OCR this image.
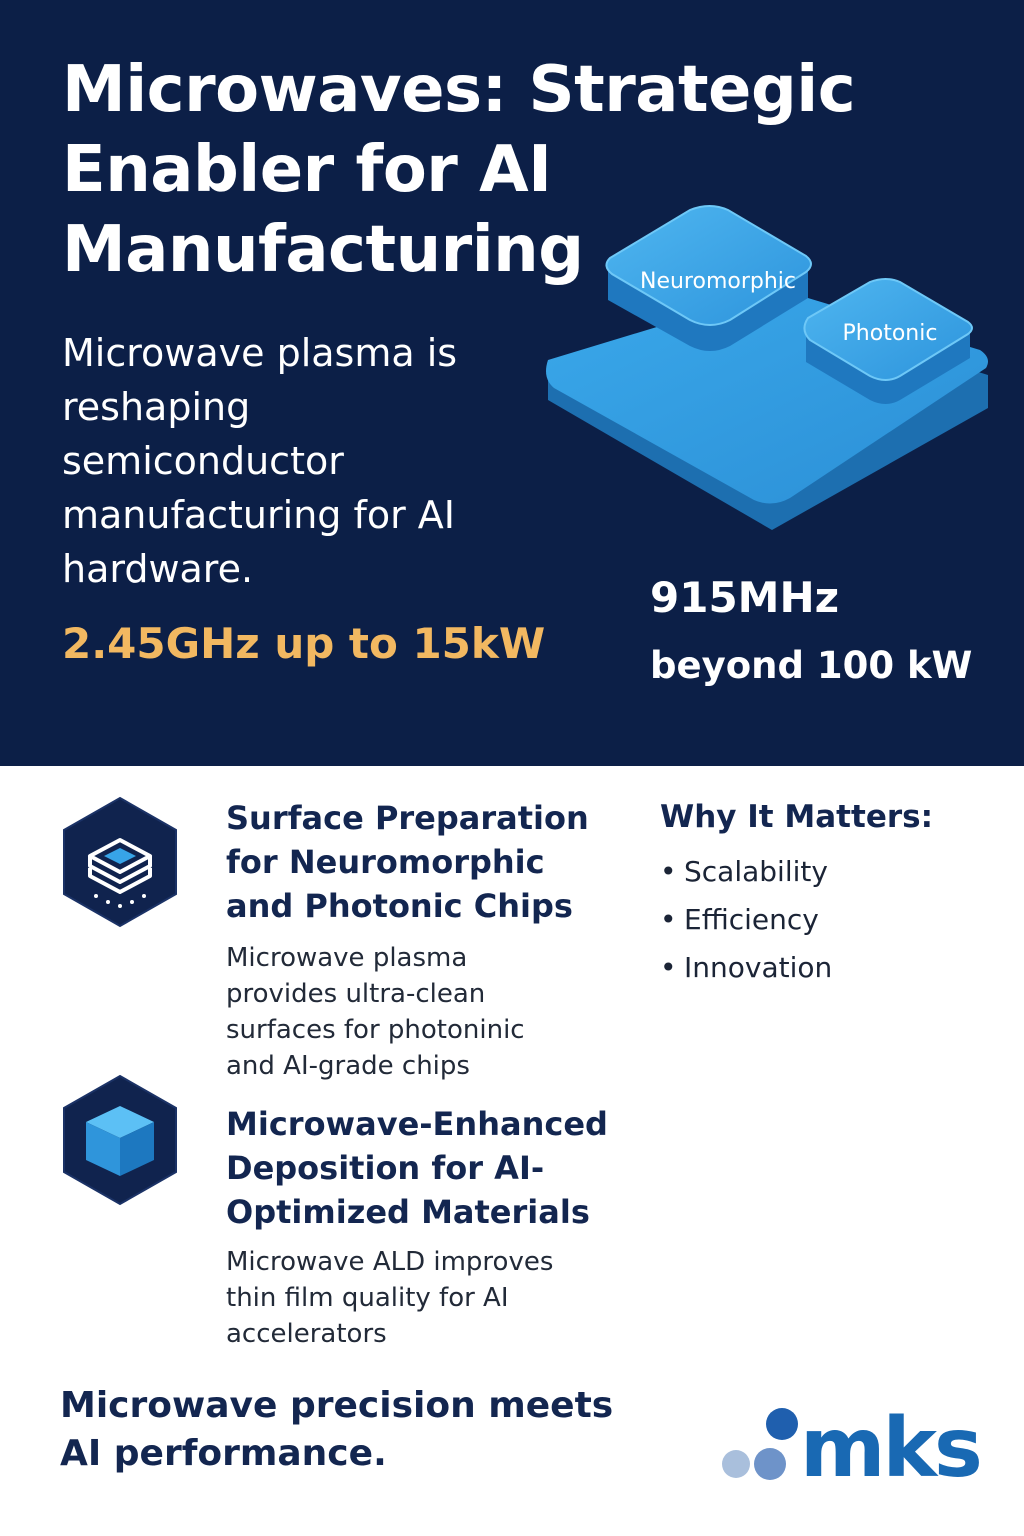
Microwaves: Strategic Enabler for AI Manufacturing

Microwave plasma is reshaping semiconductor manufacturing for AI hardware.

2.45GHz up to 15kW
915MHz
beyond 100 kW
Neuromorphic
Photonic
Surface Preparation for Neuromorphic and Photonic Chips
Microwave plasma provides ultra-clean surfaces for photoninic and AI-grade chips
Microwave-Enhanced Deposition for AI-Optimized Materials
Microwave ALD improves thin film quality for AI accelerators
Why It Matters:
• Scalability
• Efficiency
• Innovation
Microwave precision meets AI performance.	mks
